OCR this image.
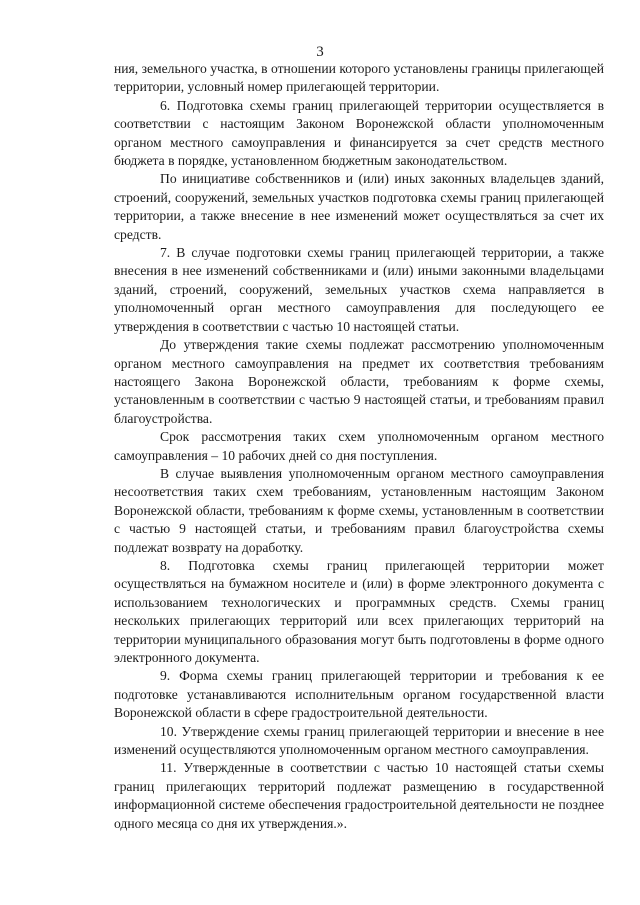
3

ния, земельного участка, в отношении которого установлены границы прилегающей территории, условный номер прилегающей территории.

6. Подготовка схемы границ прилегающей территории осуществляется в соответствии с настоящим Законом Воронежской области уполномоченным органом местного самоуправления и финансируется за счет средств местного бюджета в порядке, установленном бюджетным законодательством.

По инициативе собственников и (или) иных законных владельцев зданий, строений, сооружений, земельных участков подготовка схемы границ прилегающей территории, а также внесение в нее изменений может осуществляться за счет их средств.

7. В случае подготовки схемы границ прилегающей территории, а также внесения в нее изменений собственниками и (или) иными законными владельцами зданий, строений, сооружений, земельных участков схема направляется в уполномоченный орган местного самоуправления для последующего ее утверждения в соответствии с частью 10 настоящей статьи.

До утверждения такие схемы подлежат рассмотрению уполномоченным органом местного самоуправления на предмет их соответствия требованиям настоящего Закона Воронежской области, требованиям к форме схемы, установленным в соответствии с частью 9 настоящей статьи, и требованиям правил благоустройства.

Срок рассмотрения таких схем уполномоченным органом местного самоуправления – 10 рабочих дней со дня поступления.

В случае выявления уполномоченным органом местного самоуправления несоответствия таких схем требованиям, установленным настоящим Законом Воронежской области, требованиям к форме схемы, установленным в соответствии с частью 9 настоящей статьи, и требованиям правил благоустройства схемы подлежат возврату на доработку.

8. Подготовка схемы границ прилегающей территории может осуществляться на бумажном носителе и (или) в форме электронного документа с использованием технологических и программных средств. Схемы границ нескольких прилегающих территорий или всех прилегающих территорий на территории муниципального образования могут быть подготовлены в форме одного электронного документа.

9. Форма схемы границ прилегающей территории и требования к ее подготовке устанавливаются исполнительным органом государственной власти Воронежской области в сфере градостроительной деятельности.

10. Утверждение схемы границ прилегающей территории и внесение в нее изменений осуществляются уполномоченным органом местного самоуправления.

11. Утвержденные в соответствии с частью 10 настоящей статьи схемы границ прилегающих территорий подлежат размещению в государственной информационной системе обеспечения градостроительной деятельности не позднее одного месяца со дня их утверждения.».
